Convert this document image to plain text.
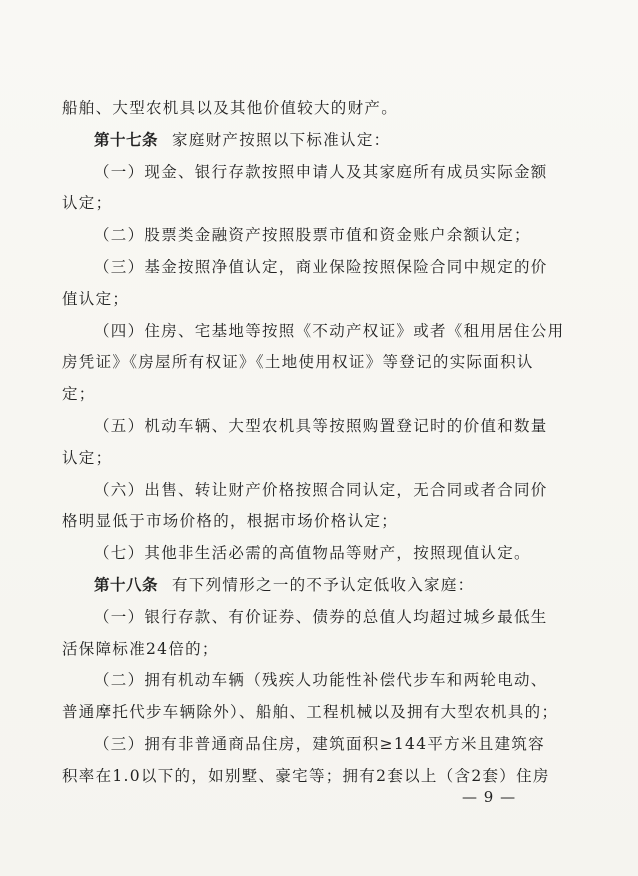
船舶、大型农机具以及其他价值较大的财产。
第十七条 家庭财产按照以下标准认定：
（一）现金、银行存款按照申请人及其家庭所有成员实际金额
认定；
（二）股票类金融资产按照股票市值和资金账户余额认定；
（三）基金按照净值认定，商业保险按照保险合同中规定的价
值认定；
（四）住房、宅基地等按照《不动产权证》或者《租用居住公用
房凭证》《房屋所有权证》《土地使用权证》等登记的实际面积认
定；
（五）机动车辆、大型农机具等按照购置登记时的价值和数量
认定；
（六）出售、转让财产价格按照合同认定，无合同或者合同价
格明显低于市场价格的，根据市场价格认定；
（七）其他非生活必需的高值物品等财产，按照现值认定。
第十八条 有下列情形之一的不予认定低收入家庭：
（一）银行存款、有价证券、债券的总值人均超过城乡最低生
活保障标准24倍的；
（二）拥有机动车辆（残疾人功能性补偿代步车和两轮电动、
普通摩托代步车辆除外）、船舶、工程机械以及拥有大型农机具的；
（三）拥有非普通商品住房，建筑面积≥144平方米且建筑容
积率在1.0以下的，如别墅、豪宅等；拥有2套以上（含2套）住房
— 9 —
